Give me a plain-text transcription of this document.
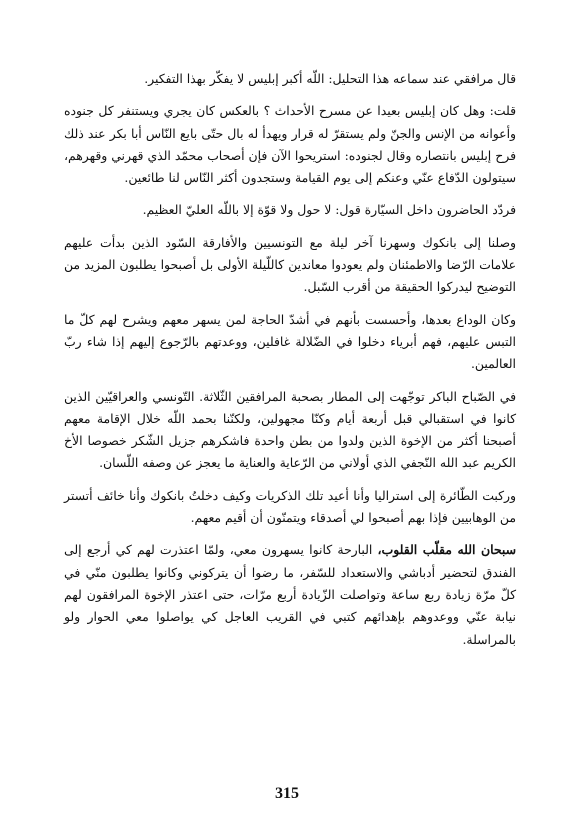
قال مرافقي عند سماعه هذا التحليل: اللّه أكبر إبليس لا يفكّر بهذا التفكير.

قلت: وهل كان إبليس بعيدا عن مسرح الأحداث ؟ بالعكس كان يجري ويستنفر كل جنوده وأعوانه من الإنس والجنّ ولم يستقرّ له قرار ويهدأ له بال حتّى بايع النّاس أبا بكر عند ذلك فرح إبليس بانتصاره وقال لجنوده: استريحوا الآن فإن أصحاب محمّد الذي قهرني وقهرهم، سيتولون الدّفاع عنّي وعنكم إلى يوم القيامة وستجدون أكثر النّاس لنا طائعين.

فردّد الحاضرون داخل السيّارة قول: لا حول ولا قوّة إلا باللّه العليّ العظيم.

وصلنا إلى بانكوك وسهرنا آخر ليلة مع التونسيين والأفارقة السّود الذين بدأت عليهم علامات الرّضا والاطمئنان ولم يعودوا معاندين كاللّيلة الأولى بل أصبحوا يطلبون المزيد من التوضيح ليدركوا الحقيقة من أقرب السّبل.

وكان الوداع بعدها، وأحسست بأنهم في أشدّ الحاجة لمن يسهر معهم ويشرح لهم كلّ ما التبس عليهم، فهم أبرياء دخلوا في الضّلالة غافلين، ووعدتهم بالرّجوع إليهم إذا شاء ربّ العالمين.

في الصّباح الباكر توجّهت إلى المطار بصحبة المرافقين الثّلاثة. التّونسي والعراقيّين الذين كانوا في استقبالي قبل أربعة أيام وكنّا مجهولين، ولكنّنا بحمد اللّه خلال الإقامة معهم أصبحنا أكثر من الإخوة الذين ولدوا من بطن واحدة فاشكرهم جزيل الشّكر خصوصا الأخ الكريم عبد الله النّجفي الذي أولاني من الرّعاية والعناية ما يعجز عن وصفه اللّسان.

وركبت الطّائرة إلى استراليا وأنا أعيد تلك الذكريات وكيف دخلتُ بانكوك وأنا خائف أتستر من الوهابيين فإذا بهم أصبحوا لي أصدقاء ويتمنّون أن أقيم معهم.

سبحان الله مقلّب القلوب، البارحة كانوا يسهرون معي، ولمّا اعتذرت لهم كي أرجع إلى الفندق لتحضير أدباشي والاستعداد للسّفر، ما رضوا أن يتركوني وكانوا يطلبون منّي في كلّ مرّة زيادة ربع ساعة وتواصلت الزّيادة أربع مرّات، حتى اعتذر الإخوة المرافقون لهم نيابة عنّي ووعدوهم بإهدائهم كتبي في القريب العاجل كي يواصلوا معي الحوار ولو بالمراسلة.

315
